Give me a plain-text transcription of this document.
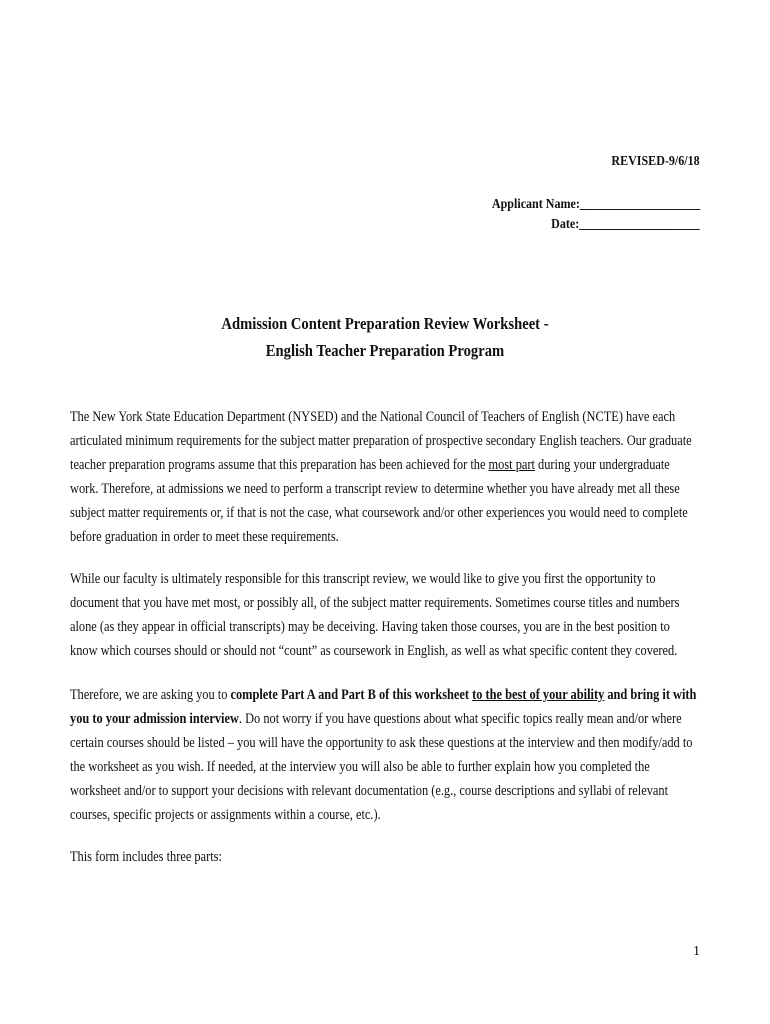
REVISED-9/6/18
Applicant Name:____________________
Date:____________________
Admission Content Preparation Review Worksheet -
English Teacher Preparation Program

The New York State Education Department (NYSED) and the National Council of Teachers of English (NCTE) have each articulated minimum requirements for the subject matter preparation of prospective secondary English teachers. Our graduate teacher preparation programs assume that this preparation has been achieved for the most part during your undergraduate work. Therefore, at admissions we need to perform a transcript review to determine whether you have already met all these subject matter requirements or, if that is not the case, what coursework and/or other experiences you would need to complete before graduation in order to meet these requirements.

While our faculty is ultimately responsible for this transcript review, we would like to give you first the opportunity to document that you have met most, or possibly all, of the subject matter requirements. Sometimes course titles and numbers alone (as they appear in official transcripts) may be deceiving. Having taken those courses, you are in the best position to know which courses should or should not “count” as coursework in English, as well as what specific content they covered.

Therefore, we are asking you to complete Part A and Part B of this worksheet to the best of your ability and bring it with you to your admission interview. Do not worry if you have questions about what specific topics really mean and/or where certain courses should be listed – you will have the opportunity to ask these questions at the interview and then modify/add to the worksheet as you wish. If needed, at the interview you will also be able to further explain how you completed the worksheet and/or to support your decisions with relevant documentation (e.g., course descriptions and syllabi of relevant courses, specific projects or assignments within a course, etc.).

This form includes three parts:

1
